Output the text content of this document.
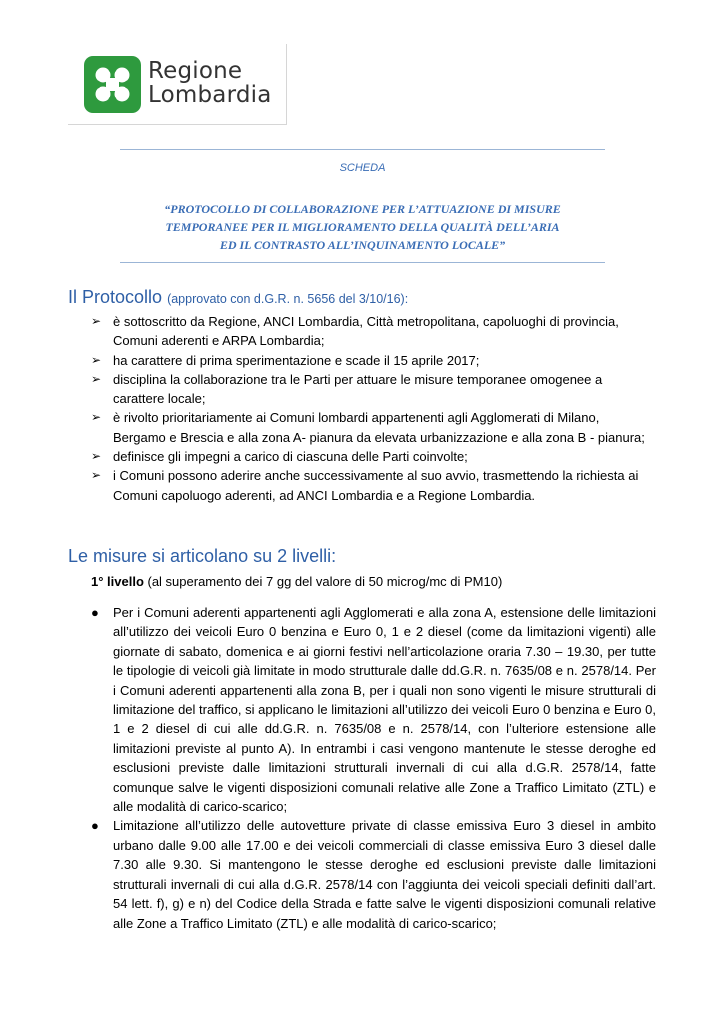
Regione
Lombardia
SCHEDA
“PROTOCOLLO DI COLLABORAZIONE PER L’ATTUAZIONE DI MISURE
TEMPORANEE PER IL MIGLIORAMENTO DELLA QUALITÀ DELL’ARIA
ED IL CONTRASTO ALL’INQUINAMENTO LOCALE”
Il Protocollo (approvato con d.G.R. n. 5656 del 3/10/16):
➢ è sottoscritto da Regione, ANCI Lombardia, Città metropolitana, capoluoghi di provincia, Comuni aderenti e ARPA Lombardia;
➢ ha carattere di prima sperimentazione e scade il 15 aprile 2017;
➢ disciplina la collaborazione tra le Parti per attuare le misure temporanee omogenee a carattere locale;
➢ è rivolto prioritariamente ai Comuni lombardi appartenenti agli Agglomerati di Milano, Bergamo e Brescia e alla zona A- pianura da elevata urbanizzazione e alla zona B - pianura;
➢ definisce gli impegni a carico di ciascuna delle Parti coinvolte;
➢ i Comuni possono aderire anche successivamente al suo avvio, trasmettendo la richiesta ai Comuni capoluogo aderenti, ad ANCI Lombardia e a Regione Lombardia.
Le misure si articolano su 2 livelli:
1° livello (al superamento dei 7 gg del valore di 50 microg/mc di PM10)
● Per i Comuni aderenti appartenenti agli Agglomerati e alla zona A, estensione delle limitazioni all’utilizzo dei veicoli Euro 0 benzina e Euro 0, 1 e 2 diesel (come da limitazioni vigenti) alle giornate di sabato, domenica e ai giorni festivi nell’articolazione oraria 7.30 – 19.30, per tutte le tipologie di veicoli già limitate in modo strutturale dalle dd.G.R. n. 7635/08 e n. 2578/14. Per i Comuni aderenti appartenenti alla zona B, per i quali non sono vigenti le misure strutturali di limitazione del traffico, si applicano le limitazioni all’utilizzo dei veicoli Euro 0 benzina e Euro 0, 1 e 2 diesel di cui alle dd.G.R. n. 7635/08 e n. 2578/14, con l’ulteriore estensione alle limitazioni previste al punto A). In entrambi i casi vengono mantenute le stesse deroghe ed esclusioni previste dalle limitazioni strutturali invernali di cui alla d.G.R. 2578/14, fatte comunque salve le vigenti disposizioni comunali relative alle Zone a Traffico Limitato (ZTL) e alle modalità di carico-scarico;
● Limitazione all’utilizzo delle autovetture private di classe emissiva Euro 3 diesel in ambito urbano dalle 9.00 alle 17.00 e dei veicoli commerciali di classe emissiva Euro 3 diesel dalle 7.30 alle 9.30. Si mantengono le stesse deroghe ed esclusioni previste dalle limitazioni strutturali invernali di cui alla d.G.R. 2578/14 con l’aggiunta dei veicoli speciali definiti dall’art. 54 lett. f), g) e n) del Codice della Strada e fatte salve le vigenti disposizioni comunali relative alle Zone a Traffico Limitato (ZTL) e alle modalità di carico-scarico;
